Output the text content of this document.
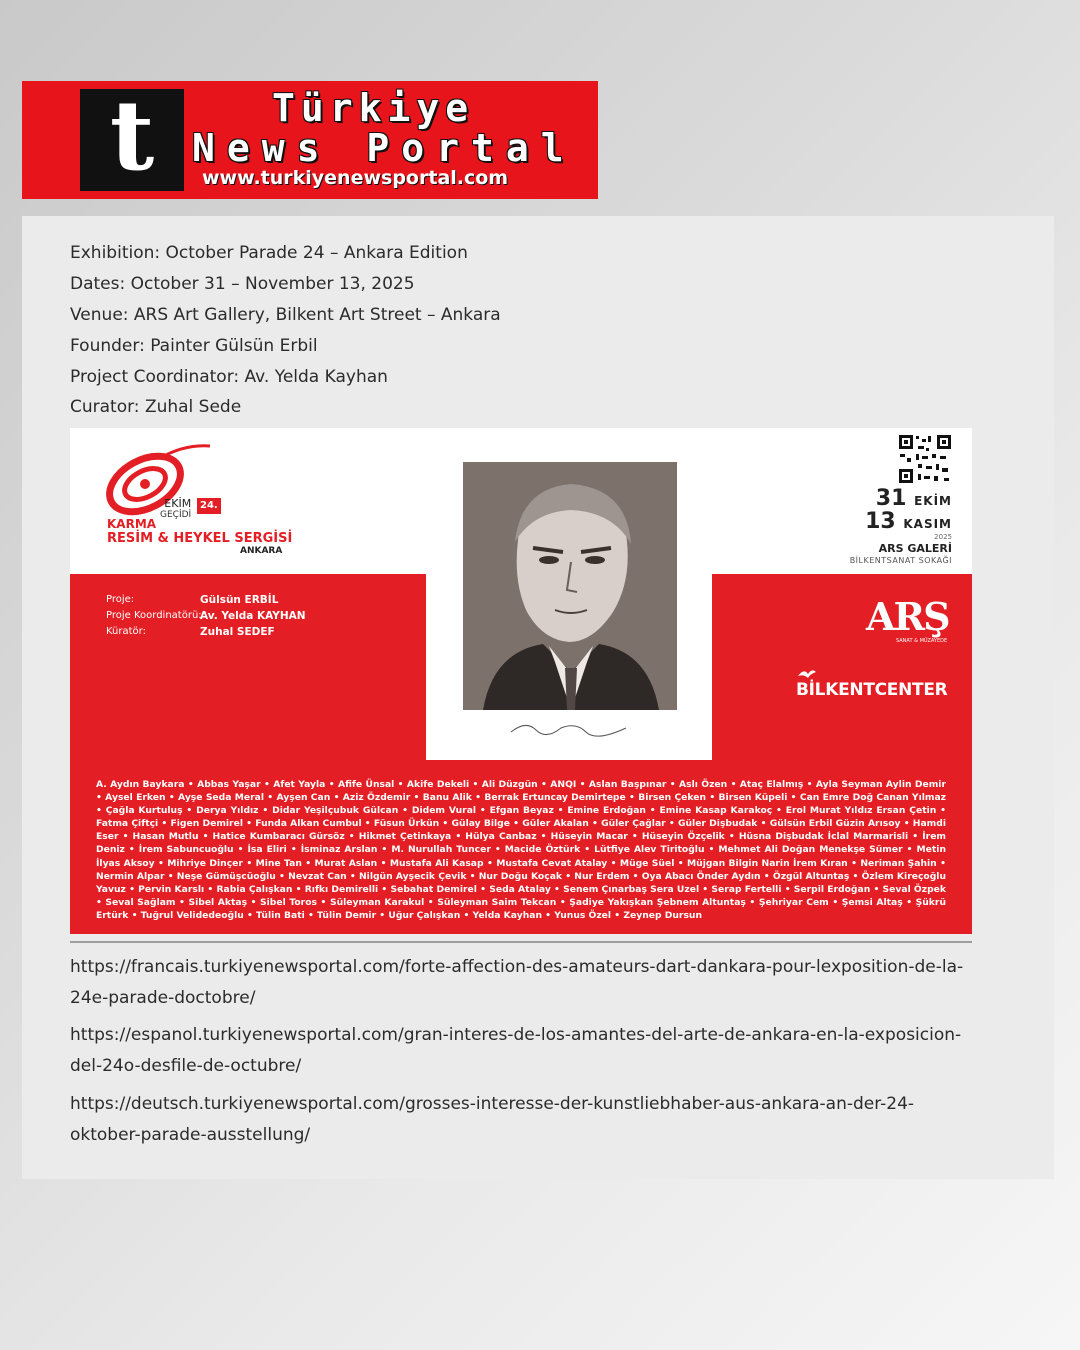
t	Türkiye
News Portal
www.turkiyenewsportal.com
Exhibition: October Parade 24 – Ankara Edition
Dates: October 31 – November 13, 2025
Venue: ARS Art Gallery, Bilkent Art Street – Ankara
Founder: Painter Gülsün Erbil
Project Coordinator: Av. Yelda Kayhan
Curator: Zuhal Sede
EKİM
GEÇİDİ
24.
KARMA
RESİM & HEYKEL SERGİSİ
ANKARA
Proje:	Gülsün ERBİL
Proje Koordinatörü:
Av. Yelda KAYHAN
Küratör:	Zuhal SEDEF
31 EKİM
13 KASIM
2025
ARS GALERİ
BİLKENTSANAT SOKAĞI
ARŞ
SANAT & MÜZAYEDE
BİLKENTCENTER
A. Aydın Baykara • Abbas Yaşar • Afet Yayla • Afife Ünsal • Akife Dekeli • Ali Düzgün • ANQI • Aslan Başpınar • Aslı Özen • Ataç Elalmış • Ayla Seyman Aylin Demir • Aysel Erken • Ayşe Seda Meral • Ayşen Can • Aziz Özdemir • Banu Alik • Berrak Ertuncay Demirtepe • Birsen Çeken • Birsen Küpeli • Can Emre Doğ Canan Yılmaz • Çağla Kurtuluş • Derya Yıldız • Didar Yeşilçubuk Gülcan • Didem Vural • Efgan Beyaz • Emine Erdoğan • Emine Kasap Karakoç • Erol Murat Yıldız Ersan Çetin • Fatma Çiftçi • Figen Demirel • Funda Alkan Cumbul • Füsun Ürkün • Gülay Bilge • Güler Akalan • Güler Çağlar • Güler Dişbudak • Gülsün Erbil Güzin Arısoy • Hamdi Eser • Hasan Mutlu • Hatice Kumbaracı Gürsöz • Hikmet Çetinkaya • Hülya Canbaz • Hüseyin Macar • Hüseyin Özçelik • Hüsna Dişbudak İclal Marmarisli • İrem Deniz • İrem Sabuncuoğlu • İsa Eliri • İsminaz Arslan • M. Nurullah Tuncer • Macide Öztürk • Lütfiye Alev Tiritoğlu • Mehmet Ali Doğan Menekşe Sümer • Metin İlyas Aksoy • Mihriye Dinçer • Mine Tan • Murat Aslan • Mustafa Ali Kasap • Mustafa Cevat Atalay • Müge Süel • Müjgan Bilgin Narin İrem Kıran • Neriman Şahin • Nermin Alpar • Neşe Gümüşcüoğlu • Nevzat Can • Nilgün Ayşecik Çevik • Nur Doğu Koçak • Nur Erdem • Oya Abacı Önder Aydın • Özgül Altuntaş • Özlem Kireçoğlu Yavuz • Pervin Karslı • Rabia Çalışkan • Rıfkı Demirelli • Sebahat Demirel • Seda Atalay • Senem Çınarbaş Sera Uzel • Serap Fertelli • Serpil Erdoğan • Seval Özpek • Seval Sağlam • Sibel Aktaş • Sibel Toros • Süleyman Karakul • Süleyman Saim Tekcan • Şadiye Yakışkan Şebnem Altuntaş • Şehriyar Cem • Şemsi Altaş • Şükrü Ertürk • Tuğrul Velidedeoğlu • Tülin Bati • Tülin Demir • Uğur Çalışkan • Yelda Kayhan • Yunus Özel • Zeynep Dursun
https://francais.turkiyenewsportal.com/forte-affection-des-amateurs-dart-dankara-pour-lexposition-de-la-24e-parade-doctobre/
https://espanol.turkiyenewsportal.com/gran-interes-de-los-amantes-del-arte-de-ankara-en-la-exposicion-del-24o-desfile-de-octubre/
https://deutsch.turkiyenewsportal.com/grosses-interesse-der-kunstliebhaber-aus-ankara-an-der-24-oktober-parade-ausstellung/
